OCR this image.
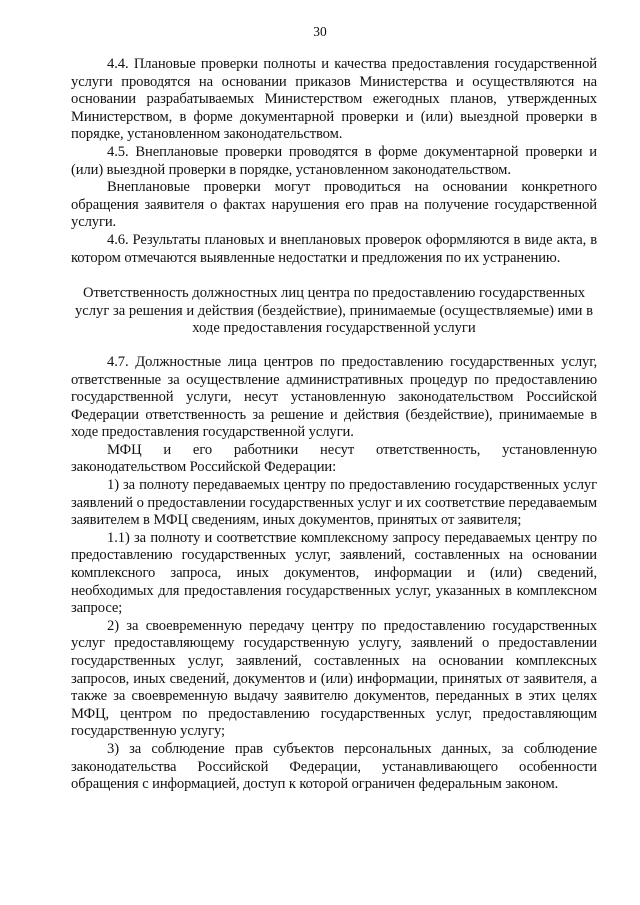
30

4.4. Плановые проверки полноты и качества предоставления государственной услуги проводятся на основании приказов Министерства и осуществляются на основании разрабатываемых Министерством ежегодных планов, утвержденных Министерством, в форме документарной проверки и (или) выездной проверки в порядке, установленном законодательством.

4.5. Внеплановые проверки проводятся в форме документарной проверки и (или) выездной проверки в порядке, установленном законодательством.

Внеплановые проверки могут проводиться на основании конкретного обращения заявителя о фактах нарушения его прав на получение государственной услуги.

4.6. Результаты плановых и внеплановых проверок оформляются в виде акта, в котором отмечаются выявленные недостатки и предложения по их устранению.

Ответственность должностных лиц центра по предоставлению государственных услуг за решения и действия (бездействие), принимаемые (осуществляемые) ими в ходе предоставления государственной услуги

4.7. Должностные лица центров по предоставлению государственных услуг, ответственные за осуществление административных процедур по предоставлению государственной услуги, несут установленную законодательством Российской Федерации ответственность за решение и действия (бездействие), принимаемые в ходе предоставления государственной услуги.

МФЦ и его работники несут ответственность, установленную законодательством Российской Федерации:

1) за полноту передаваемых центру по предоставлению государственных услуг заявлений о предоставлении государственных услуг и их соответствие передаваемым заявителем в МФЦ сведениям, иных документов, принятых от заявителя;

1.1) за полноту и соответствие комплексному запросу передаваемых центру по предоставлению государственных услуг, заявлений, составленных на основании комплексного запроса, иных документов, информации и (или) сведений, необходимых для предоставления государственных услуг, указанных в комплексном запросе;

2) за своевременную передачу центру по предоставлению государственных услуг предоставляющему государственную услугу, заявлений о предоставлении государственных услуг, заявлений, составленных на основании комплексных запросов, иных сведений, документов и (или) информации, принятых от заявителя, а также за своевременную выдачу заявителю документов, переданных в этих целях МФЦ, центром по предоставлению государственных услуг, предоставляющим государственную услугу;

3) за соблюдение прав субъектов персональных данных, за соблюдение законодательства Российской Федерации, устанавливающего особенности обращения с информацией, доступ к которой ограничен федеральным законом.
